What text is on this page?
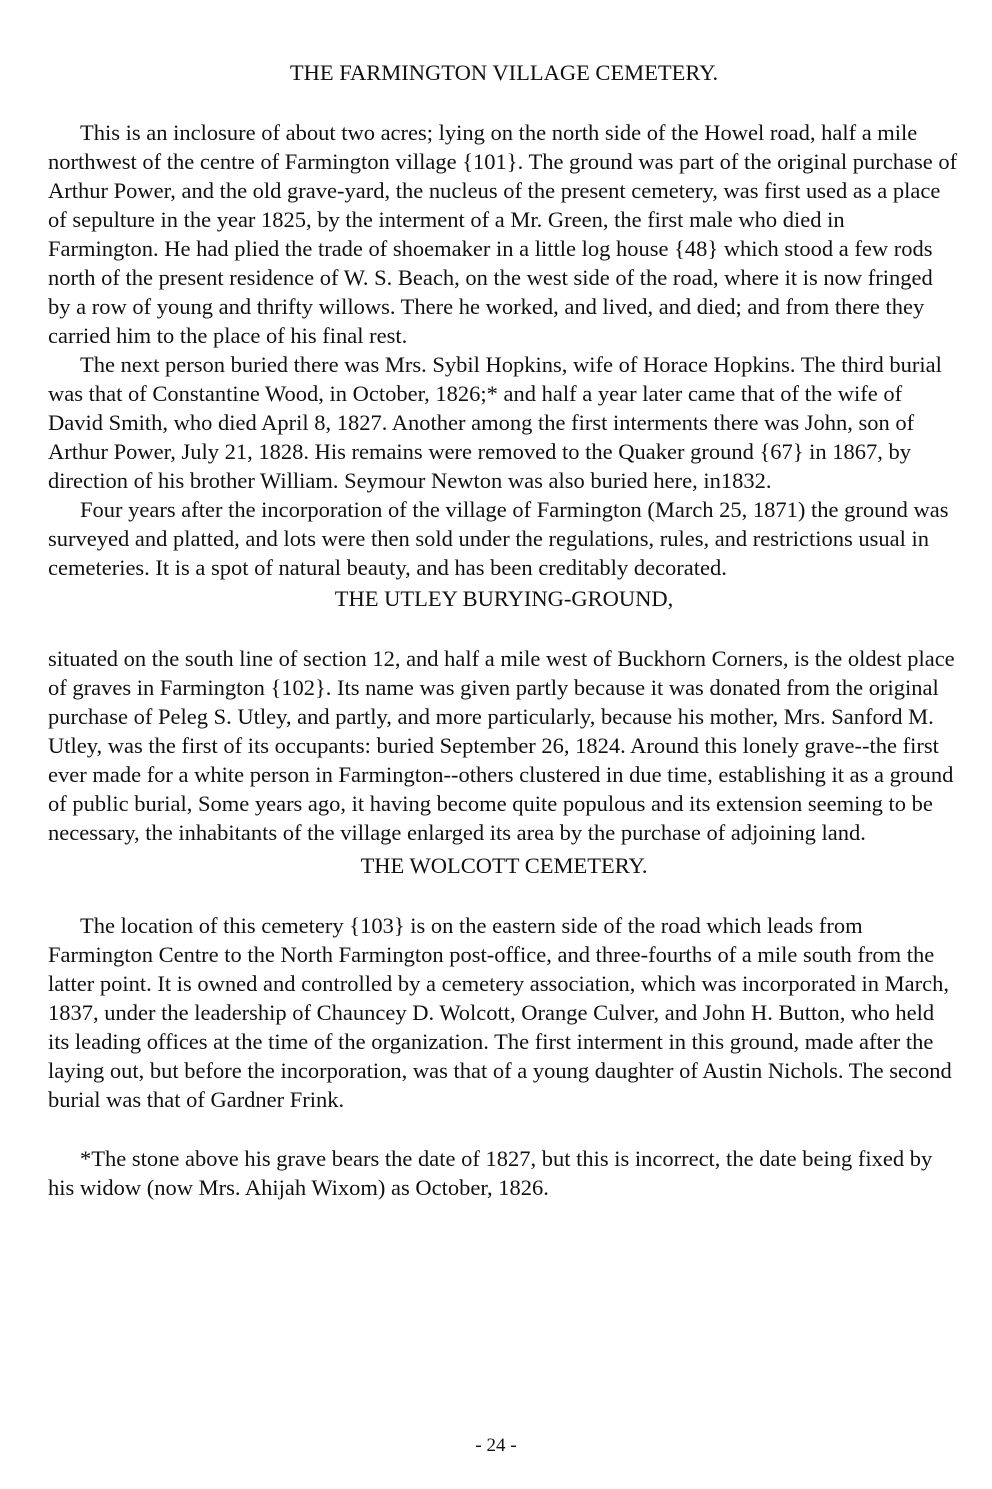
THE FARMINGTON VILLAGE CEMETERY.

This is an inclosure of about two acres; lying on the north side of the Howel road, half a mile northwest of the centre of Farmington village {101}. The ground was part of the original purchase of Arthur Power, and the old grave-yard, the nucleus of the present cemetery, was first used as a place of sepulture in the year 1825, by the interment of a Mr. Green, the first male who died in Farmington. He had plied the trade of shoemaker in a little log house {48} which stood a few rods north of the present residence of W. S. Beach, on the west side of the road, where it is now fringed by a row of young and thrifty willows. There he worked, and lived, and died; and from there they carried him to the place of his final rest.

The next person buried there was Mrs. Sybil Hopkins, wife of Horace Hopkins. The third burial was that of Constantine Wood, in October, 1826;* and half a year later came that of the wife of David Smith, who died April 8, 1827. Another among the first interments there was John, son of Arthur Power, July 21, 1828. His remains were removed to the Quaker ground {67} in 1867, by direction of his brother William. Seymour Newton was also buried here, in1832.

Four years after the incorporation of the village of Farmington (March 25, 1871) the ground was surveyed and platted, and lots were then sold under the regulations, rules, and restrictions usual in cemeteries. It is a spot of natural beauty, and has been creditably decorated.

THE UTLEY BURYING-GROUND,

situated on the south line of section 12, and half a mile west of Buckhorn Corners, is the oldest place of graves in Farmington {102}. Its name was given partly because it was donated from the original purchase of Peleg S. Utley, and partly, and more particularly, because his mother, Mrs. Sanford M. Utley, was the first of its occupants: buried September 26, 1824. Around this lonely grave--the first ever made for a white person in Farmington--others clustered in due time, establishing it as a ground of public burial, Some years ago, it having become quite populous and its extension seeming to be necessary, the inhabitants of the village enlarged its area by the purchase of adjoining land.

THE WOLCOTT CEMETERY.

The location of this cemetery {103} is on the eastern side of the road which leads from Farmington Centre to the North Farmington post-office, and three-fourths of a mile south from the latter point. It is owned and controlled by a cemetery association, which was incorporated in March, 1837, under the leadership of Chauncey D. Wolcott, Orange Culver, and John H. Button, who held its leading offices at the time of the organization. The first interment in this ground, made after the laying out, but before the incorporation, was that of a young daughter of Austin Nichols. The second burial was that of Gardner Frink.

*The stone above his grave bears the date of 1827, but this is incorrect, the date being fixed by his widow (now Mrs. Ahijah Wixom) as October, 1826.

- 24 -
